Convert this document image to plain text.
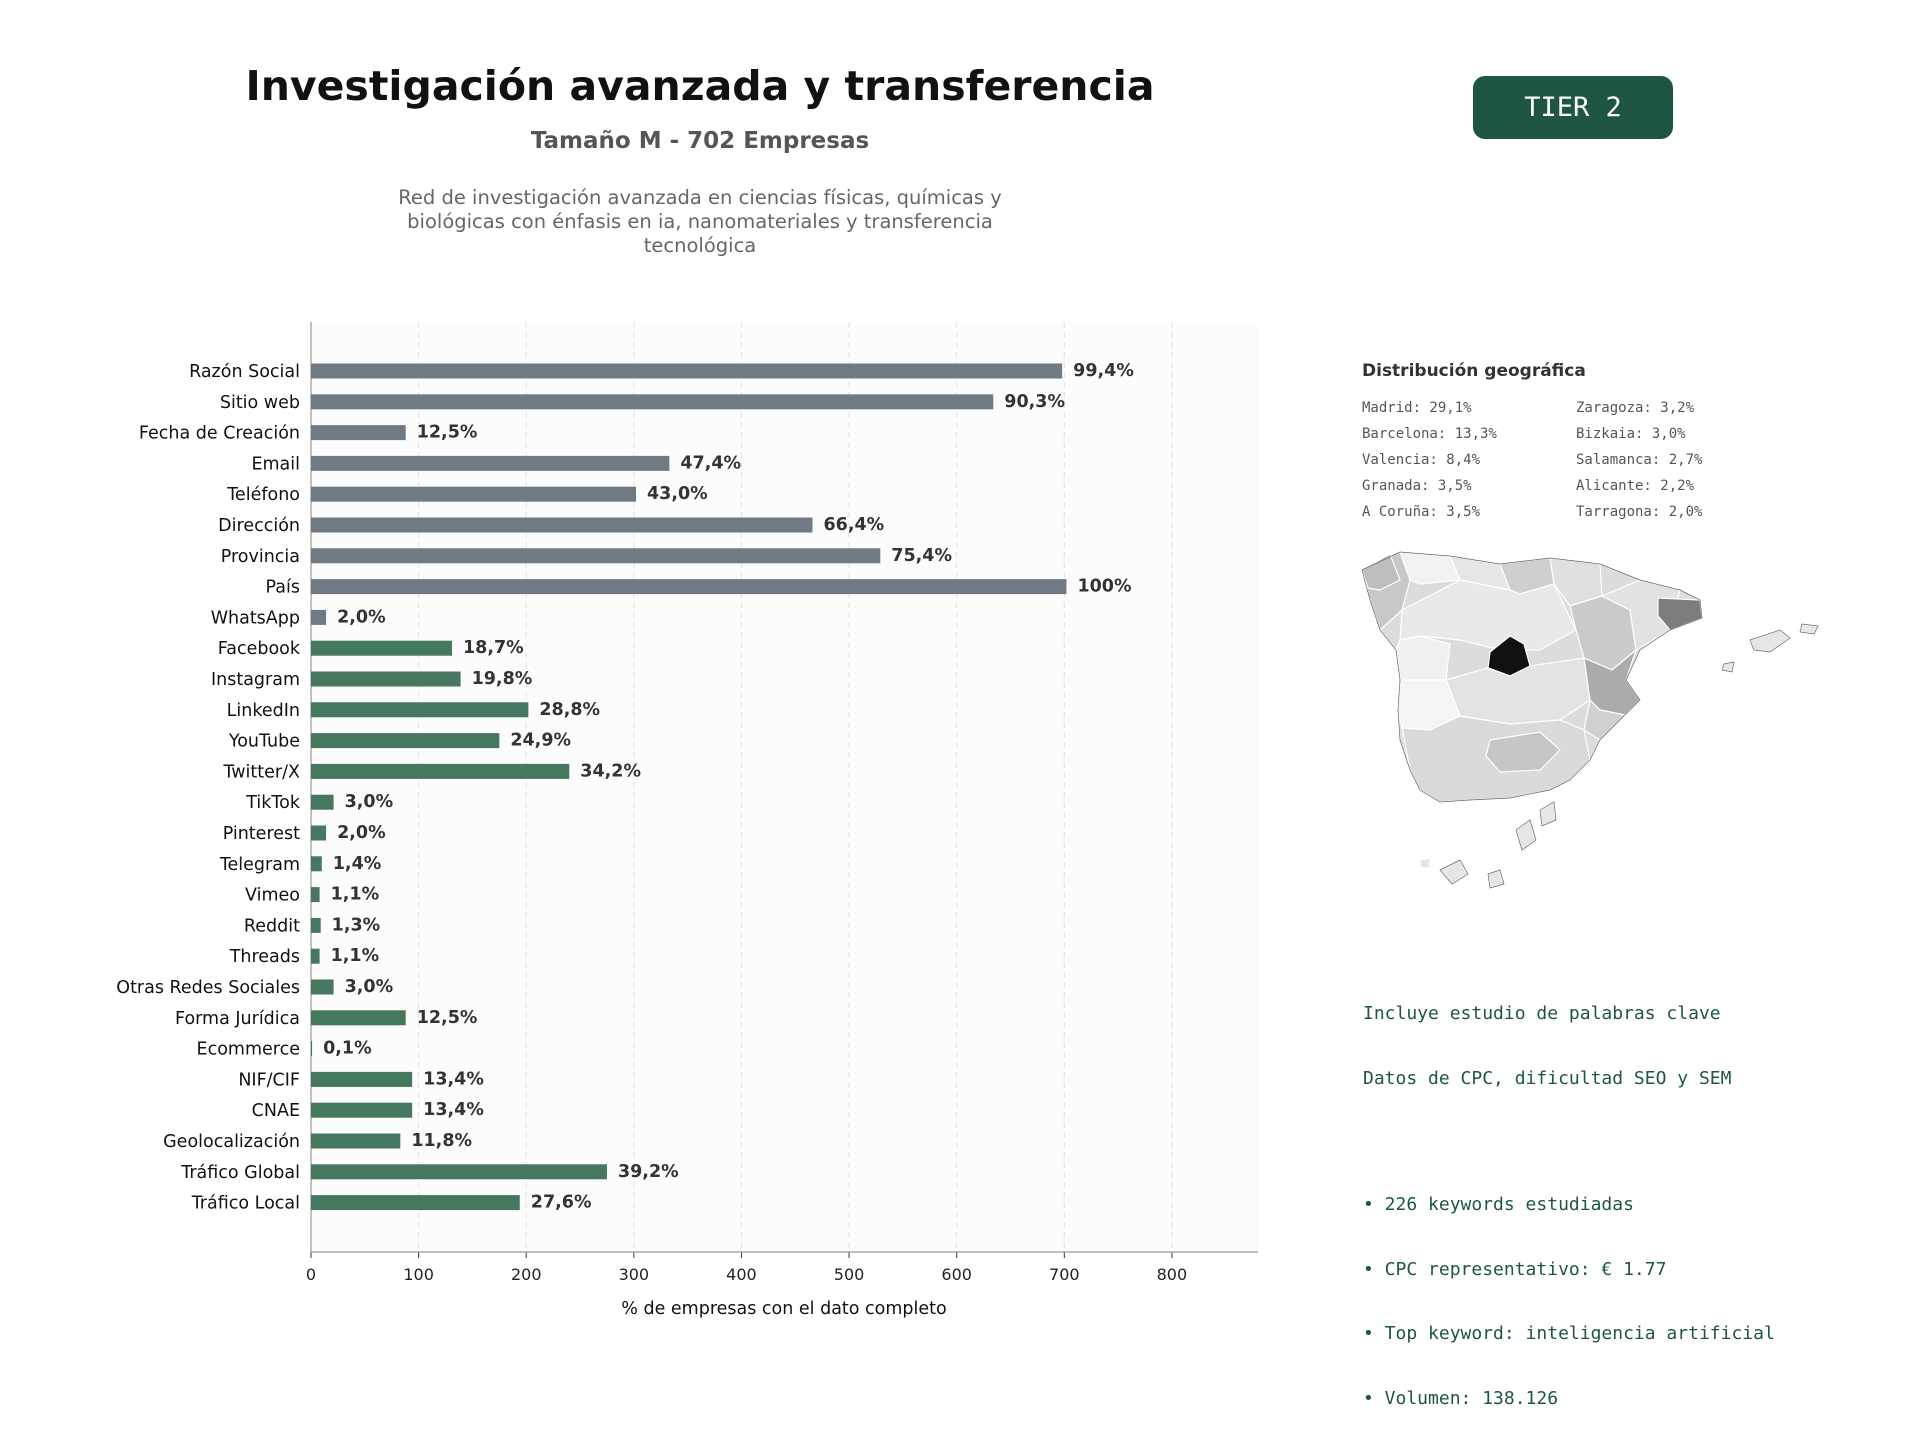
Investigación avanzada y transferencia
Tamaño M - 702 Empresas
Red de investigación avanzada en ciencias físicas, químicas y biológicas con énfasis en ia, nanomateriales y transferencia tecnológica
TIER 2
0	100	200	300	400	500	600	700	800
Razón Social	99,4%
Sitio web	90,3%
Fecha de Creación	12,5%
Email	47,4%
Teléfono	43,0%
Dirección	66,4%
Provincia	75,4%
País	100%
WhatsApp 2,0%
Facebook	18,7%
Instagram	19,8%
LinkedIn	28,8%
YouTube	24,9%
Twitter/X	34,2%
TikTok	3,0%
Pinterest 2,0%
Telegram 1,4%
Vimeo 1,1%
Reddit 1,3%
Threads 1,1%
Otras Redes Sociales	3,0%
Forma Jurídica	12,5%
Ecommerce 0,1%
NIF/CIF	13,4%
CNAE	13,4%
Geolocalización	11,8%
Tráfico Global	39,2%
Tráfico Local	27,6%
% de empresas con el dato completo
Distribución geográfica
Madrid: 29,1%	Zaragoza: 3,2%
Barcelona: 13,3%	Bizkaia: 3,0%
Valencia: 8,4%	Salamanca: 2,7%
Granada: 3,5%	Alicante: 2,2%
A Coruña: 3,5%	Tarragona: 2,0%

Incluye estudio de palabras clave

Datos de CPC, dificultad SEO y SEM

• 226 keywords estudiadas

• CPC representativo: € 1.77

• Top keyword: inteligencia artificial

• Volumen: 138.126
